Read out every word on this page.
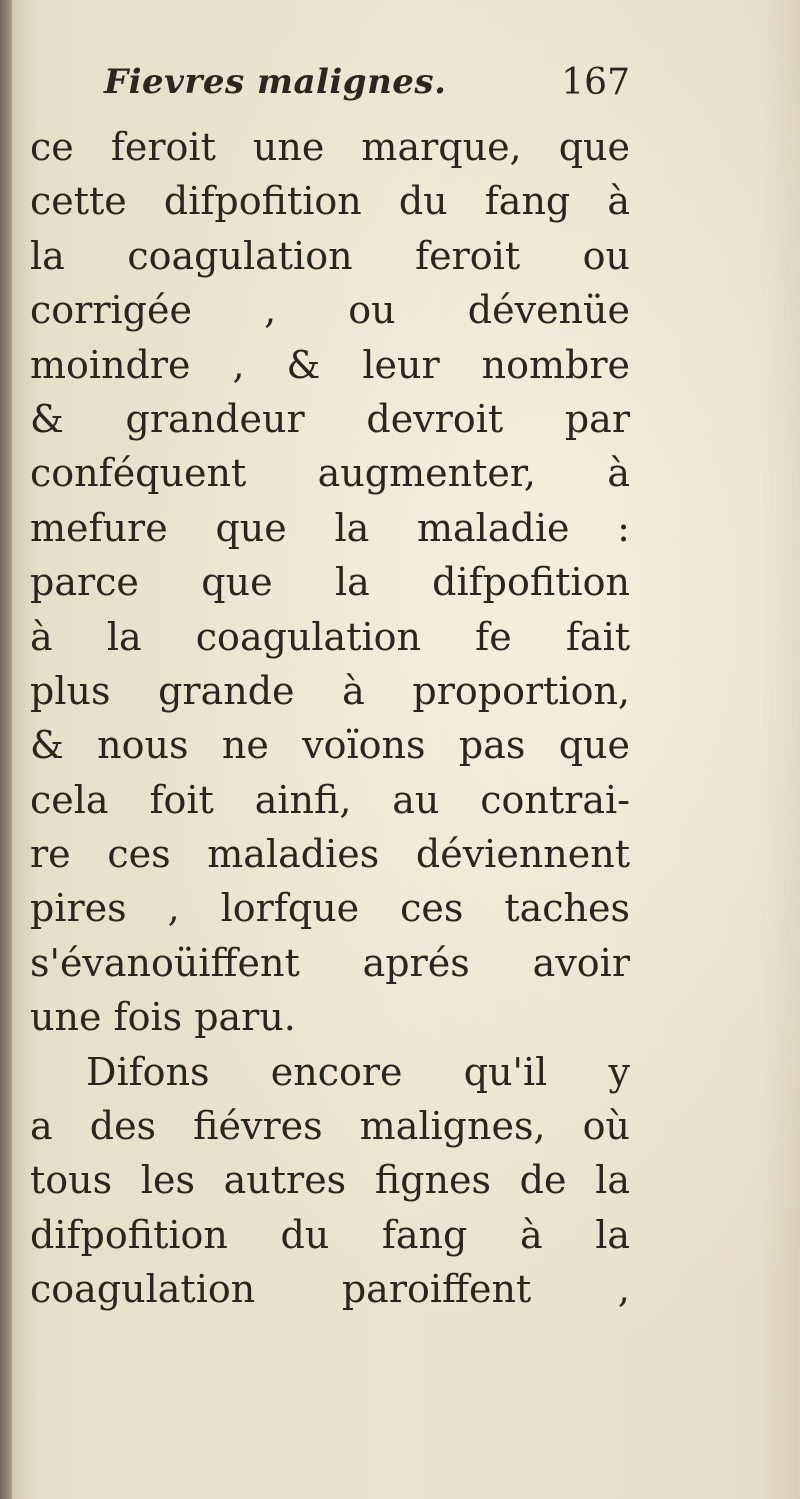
Fievres malignes.	167
ce feroit une marque, que
cette difpofition du fang à
la coagulation feroit ou
corrigée , ou dévenüe
moindre , & leur nombre
& grandeur devroit par
conféquent augmenter, à
mefure que la maladie :
parce que la difpofition
à la coagulation fe fait
plus grande à proportion,
& nous ne voïons pas que
cela foit ainfi, au contrai-
re ces maladies déviennent
pires , lorfque ces taches
s'évanoüiffent aprés avoir
une fois paru.
Difons encore qu'il y
a des fiévres malignes, où
tous les autres fignes de la
difpofition du fang à la
coagulation paroiffent ,
